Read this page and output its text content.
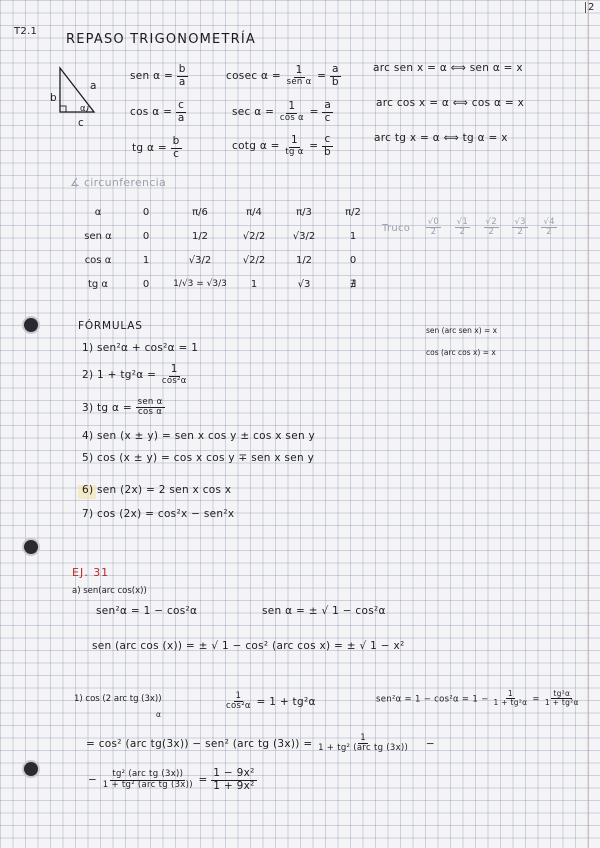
T2.1
REPASO TRIGONOMETRÍA
2
a
b
c
α
sen $\alpha = \frac{b}{a}$
$\cos \alpha = \frac{c}{a}$
tg $\alpha = \frac{b}{c}$
cosec $\alpha = \frac{1}{\text{sen α}} = \frac{a}{b}$
$\sec \alpha = \frac{1}{\text{cos α}} = \frac{a}{c}$
cotg $\alpha = \frac{1}{\text{tg α}} = \frac{c}{b}$
arc sen x = α ⟺ sen α = x
arc cos x = α ⟺ cos α = x
arc tg x = α ⟺ tg α = x
∡ circunferencia
α	0	π/6	π/4	π/3	π/2
sen α	0	1/2	√2/2	√3/2	1
cos α	1	√3/2	√2/2	1/2	0
tg α	0	1/√3 = √3/3	1	√3	∄
Truco $\frac{√0}{2}$
$\frac{√1}{2}$
$\frac{√2}{2}$
$\frac{√3}{2}$
$\frac{√4}{2}$
FÓRMULAS
1) sen²α + cos²α = 1
2) $1 + tg^2\alpha = \frac{1}{\text{cos²α}}$
3) tg $\alpha = \frac{\text{sen α}}{\text{cos α}}$
4) sen (x ± y) = sen x cos y ± cos x sen y
5) cos (x ± y) = cos x cos y ∓ sen x sen y
6) sen (2x) = 2 sen x cos x
7) cos (2x) = cos²x − sen²x
sen (arc sen x) = x
cos (arc cos x) = x
EJ. 31
a) sen(arc cos(x))
sen²α = 1 − cos²α	sen α = ± √ 1 − cos²α
sen (arc cos (x)) = ± √ 1 − cos² (arc cos x) = ± √ 1 − x²
1) cos (2 arc tg (3x))
α
$\frac{1}{\text{cos²α}} = 1 + tg^2\alpha$	$sen^2\alpha = 1 - \cos^2\alpha = 1 - \frac{1}{\text{1 + tg²α}} = \frac{\text{tg²α}}{\text{1 + tg²α}}$
= cos² (arc tg(3x)) − sen² (arc tg $(3x)) = \frac{1}{\text{1 + tg² (arc tg (3x))}}$ −
− $\frac{\text{tg² (arc tg (3x))}}{\text{1 + tg² (arc tg (3x))}} = \frac{\text{1 − 9x²}}{\text{1 + 9x²}}$
